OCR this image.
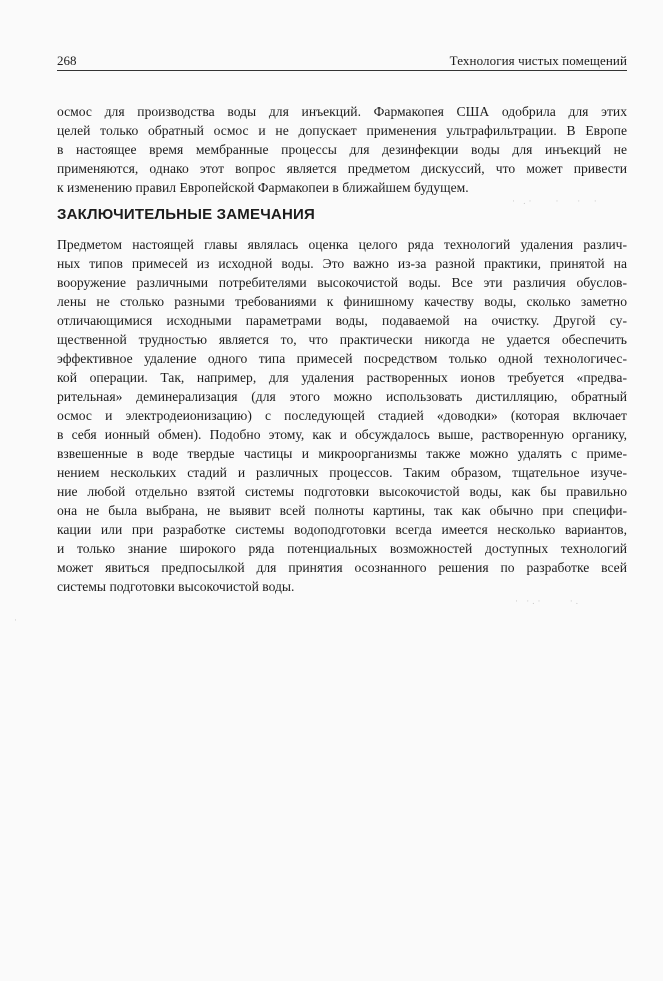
268	Технология чистых помещений

осмос для производства воды для инъекций. Фармакопея США одобрила для этих
целей только обратный осмос и не допускает применения ультрафильтрации. В Европе
в настоящее время мембранные процессы для дезинфекции воды для инъекций не
применяются, однако этот вопрос является предметом дискуссий, что может привести
к изменению правил Европейской Фармакопеи в ближайшем будущем.

ЗАКЛЮЧИТЕЛЬНЫЕ ЗАМЕЧАНИЯ

Предметом настоящей главы являлась оценка целого ряда технологий удаления различ-
ных типов примесей из исходной воды. Это важно из-за разной практики, принятой на
вооружение различными потребителями высокочистой воды. Все эти различия обуслов-
лены не столько разными требованиями к финишному качеству воды, сколько заметно
отличающимися исходными параметрами воды, подаваемой на очистку. Другой су-
щественной трудностью является то, что практически никогда не удается обеспечить
эффективное удаление одного типа примесей посредством только одной технологичес-
кой операции. Так, например, для удаления растворенных ионов требуется «предва-
рительная» деминерализация (для этого можно использовать дистилляцию, обратный
осмос и электродеионизацию) с последующей стадией «доводки» (которая включает
в себя ионный обмен). Подобно этому, как и обсуждалось выше, растворенную органику,
взвешенные в воде твердые частицы и микроорганизмы также можно удалять с приме-
нением нескольких стадий и различных процессов. Таким образом, тщательное изуче-
ние любой отдельно взятой системы подготовки высокочистой воды, как бы правильно
она не была выбрана, не выявит всей полноты картины, так как обычно при специфи-
кации или при разработке системы водоподготовки всегда имеется несколько вариантов,
и только знание широкого ряда потенциальных возможностей доступных технологий
может явиться предпосылкой для принятия осознанного решения по разработке всей
системы подготовки высокочистой воды.

· .·    ·   ·  ·
· ·.·     ·.
·
